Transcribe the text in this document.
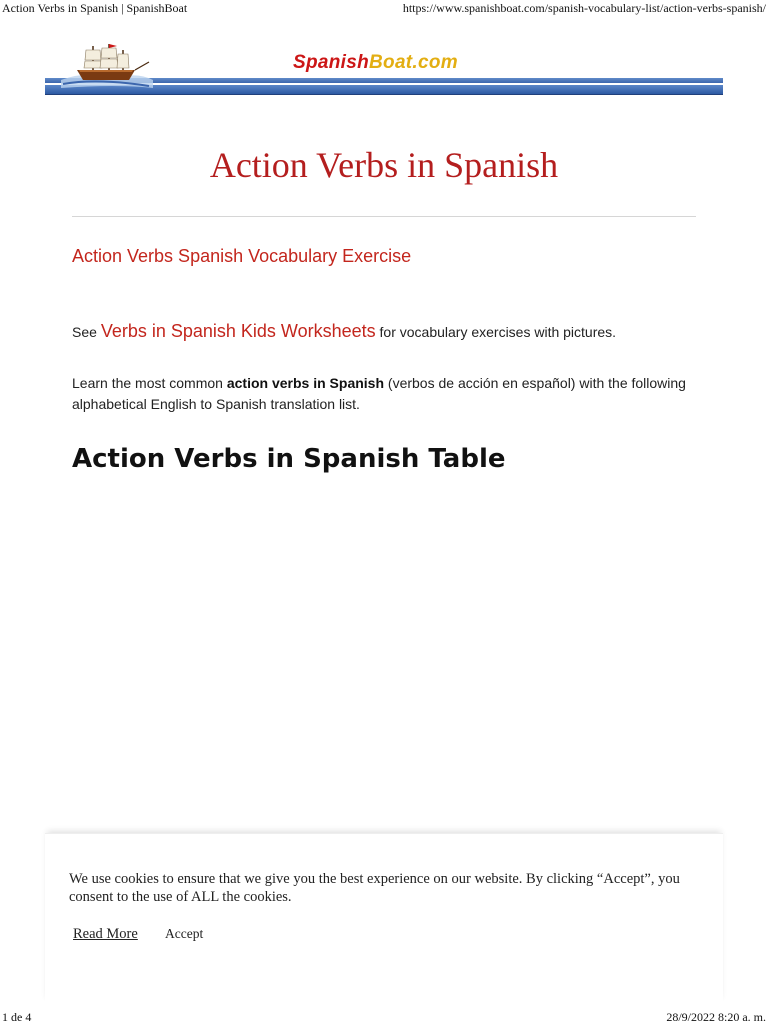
Action Verbs in Spanish | SpanishBoat	https://www.spanishboat.com/spanish-vocabulary-list/action-verbs-spanish/
SpanishBoat.com
Action Verbs in Spanish
Action Verbs Spanish Vocabulary Exercise

See Verbs in Spanish Kids Worksheets for vocabulary exercises with pictures.

Learn the most common action verbs in Spanish (verbos de acción en español) with the following alphabetical English to Spanish translation list.

Action Verbs in Spanish Table
We use cookies to ensure that we give you the best experience on our website. By clicking “Accept”, you consent to the use of ALL the cookies.
Read More Accept
1 de 4	28/9/2022 8:20 a. m.
